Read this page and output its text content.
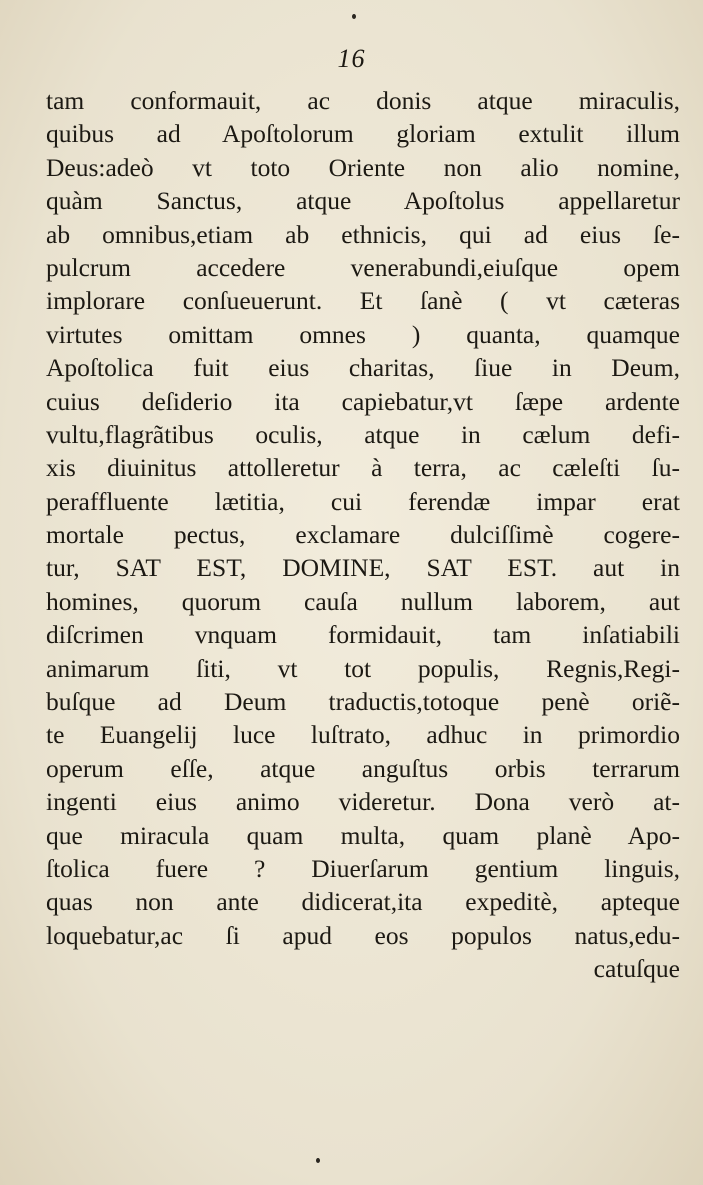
16
tam conformauit, ac donis atque miraculis,
quibus ad Apoſtolorum gloriam extulit illum
Deus:adeò vt toto Oriente non alio nomine,
quàm Sanctus, atque Apoſtolus appellaretur
ab omnibus,etiam ab ethnicis, qui ad eius ſe-
pulcrum accedere venerabundi,eiuſque opem
implorare conſueuerunt. Et ſanè ( vt cæteras
virtutes omittam omnes ) quanta, quamque
Apoſtolica fuit eius charitas, ſiue in Deum,
cuius deſiderio ita capiebatur,vt ſæpe ardente
vultu,flagrãtibus oculis, atque in cælum defi-
xis diuinitus attolleretur à terra, ac cæleſti ſu-
peraffluente lætitia, cui ferendæ impar erat
mortale pectus, exclamare dulciſſimè cogere-
tur, SAT EST, DOMINE, SAT EST. aut in
homines, quorum cauſa nullum laborem, aut
diſcrimen vnquam formidauit, tam inſatiabili
animarum ſiti, vt tot populis, Regnis,Regi-
buſque ad Deum traductis,totoque penè oriẽ-
te Euangelij luce luſtrato, adhuc in primordio
operum eſſe, atque anguſtus orbis terrarum
ingenti eius animo videretur. Dona verò at-
que miracula quam multa, quam planè Apo-
ſtolica fuere ? Diuerſarum gentium linguis,
quas non ante didicerat,ita expeditè, apteque
loquebatur,ac ſi apud eos populos natus,edu-
catuſque
